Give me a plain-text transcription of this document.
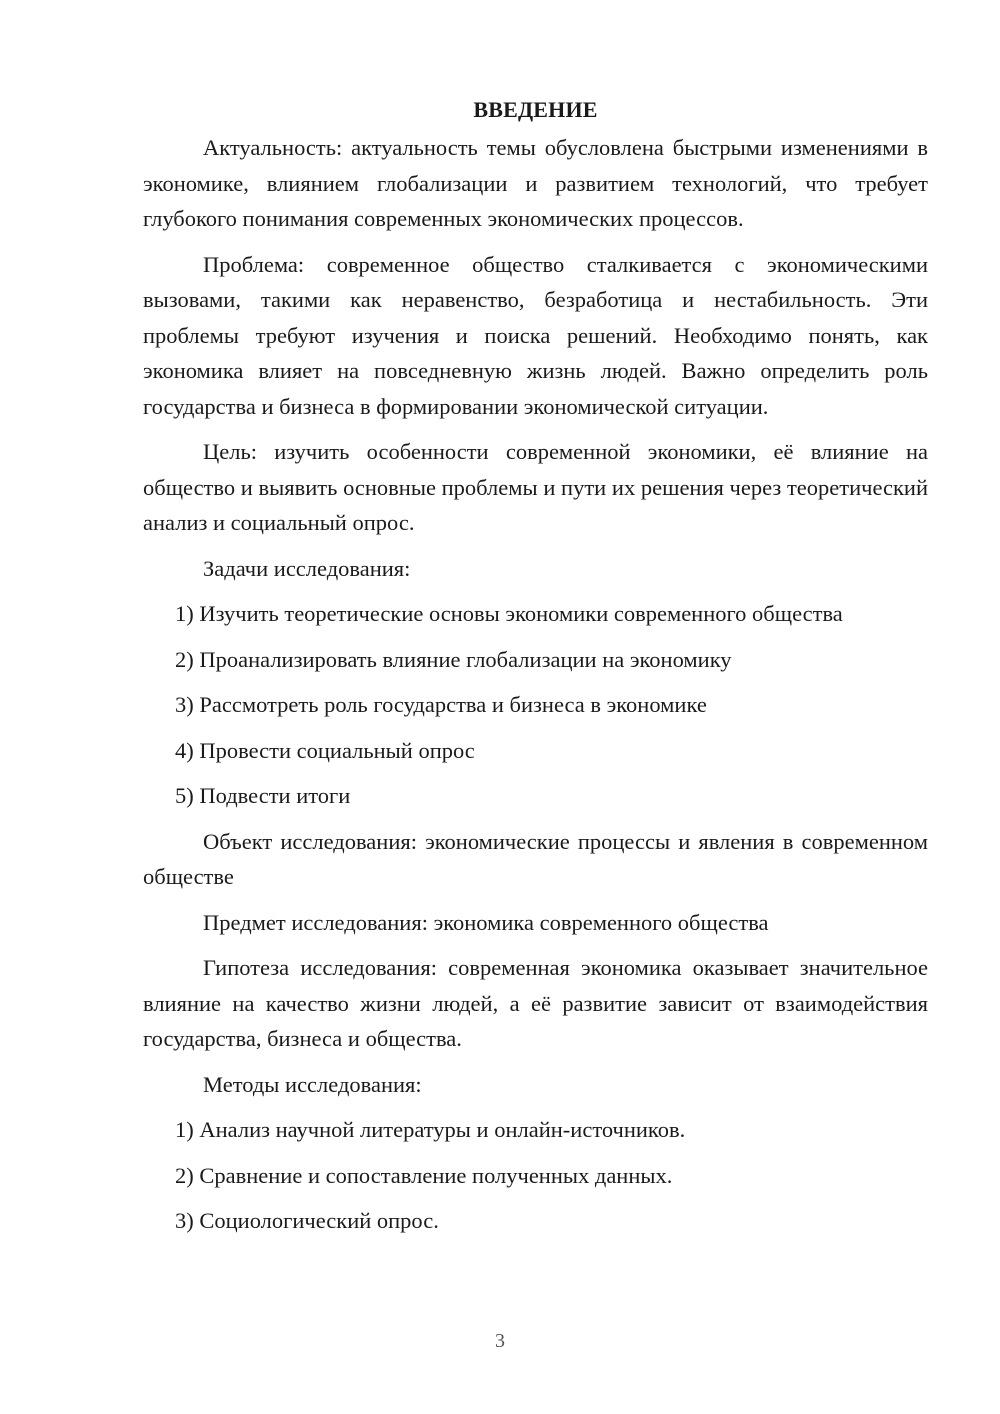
ВВЕДЕНИЕ

Актуальность: актуальность темы обусловлена быстрыми изменениями в экономике, влиянием глобализации и развитием технологий, что требует глубокого понимания современных экономических процессов.

Проблема: современное общество сталкивается с экономическими вызовами, такими как неравенство, безработица и нестабильность. Эти проблемы требуют изучения и поиска решений. Необходимо понять, как экономика влияет на повседневную жизнь людей. Важно определить роль государства и бизнеса в формировании экономической ситуации.

Цель: изучить особенности современной экономики, её влияние на общество и выявить основные проблемы и пути их решения через теоретический анализ и социальный опрос.

Задачи исследования:

1) Изучить теоретические основы экономики современного общества

2) Проанализировать влияние глобализации на экономику

3) Рассмотреть роль государства и бизнеса в экономике

4) Провести социальный опрос

5) Подвести итоги

Объект исследования: экономические процессы и явления в современном обществе

Предмет исследования: экономика современного общества

Гипотеза исследования: современная экономика оказывает значительное влияние на качество жизни людей, а её развитие зависит от взаимодействия государства, бизнеса и общества.

Методы исследования:

1) Анализ научной литературы и онлайн-источников.

2) Сравнение и сопоставление полученных данных.

3) Социологический опрос.

3
